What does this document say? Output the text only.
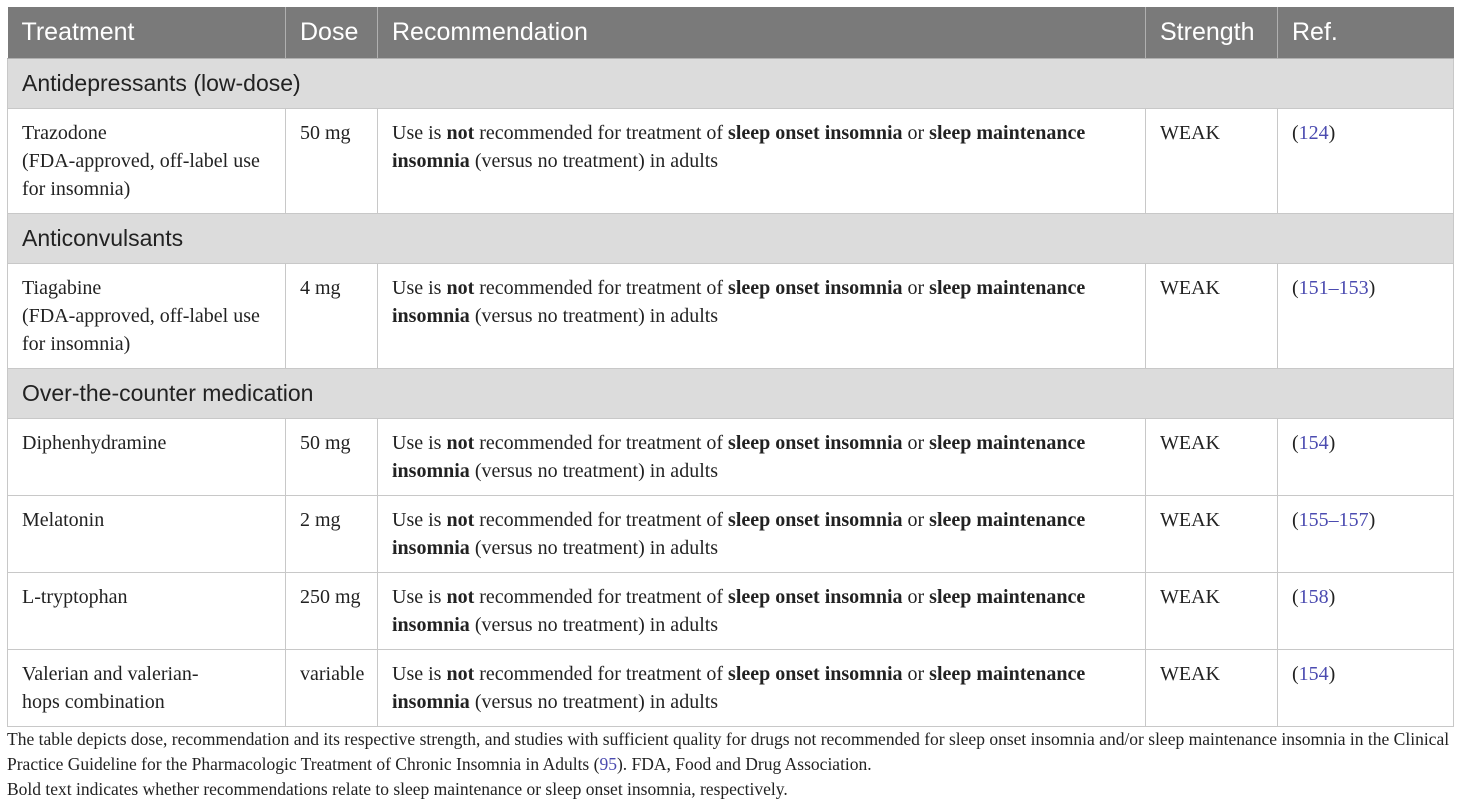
Treatment	Dose	Recommendation	Strength	Ref.
Antidepressants (low-dose)				
Trazodone
(FDA-approved, off-label use
for insomnia)	50 mg	Use is not recommended for treatment of sleep onset insomnia or sleep maintenance insomnia (versus no treatment) in adults	WEAK	(124)
Anticonvulsants				
Tiagabine
(FDA-approved, off-label use
for insomnia)	4 mg	Use is not recommended for treatment of sleep onset insomnia or sleep maintenance insomnia (versus no treatment) in adults	WEAK	(151–153)
Over-the-counter medication				
Diphenhydramine	50 mg	Use is not recommended for treatment of sleep onset insomnia or sleep maintenance insomnia (versus no treatment) in adults	WEAK	(154)
Melatonin	2 mg	Use is not recommended for treatment of sleep onset insomnia or sleep maintenance insomnia (versus no treatment) in adults	WEAK	(155–157)
L-tryptophan	250 mg	Use is not recommended for treatment of sleep onset insomnia or sleep maintenance insomnia (versus no treatment) in adults	WEAK	(158)
Valerian and valerian-
hops combination	variable	Use is not recommended for treatment of sleep onset insomnia or sleep maintenance insomnia (versus no treatment) in adults	WEAK	(154)

The table depicts dose, recommendation and its respective strength, and studies with sufficient quality for drugs not recommended for sleep onset insomnia and/or sleep maintenance insomnia in the Clinical Practice Guideline for the Pharmacologic Treatment of Chronic Insomnia in Adults (95). FDA, Food and Drug Association.

Bold text indicates whether recommendations relate to sleep maintenance or sleep onset insomnia, respectively.
